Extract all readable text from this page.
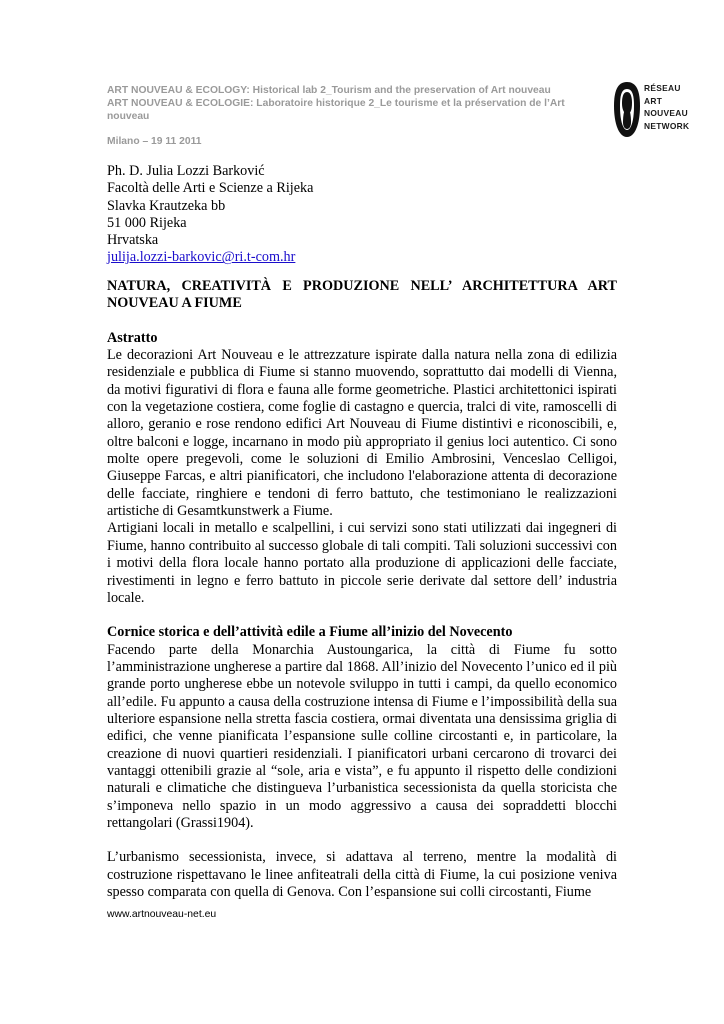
ART NOUVEAU & ECOLOGY: Historical lab 2_Tourism and the preservation of Art nouveau
ART NOUVEAU & ECOLOGIE: Laboratoire historique 2_Le tourisme et la préservation de l’Art nouveau
Milano – 19 11 2011
RÉSEAU
ART
NOUVEAU
NETWORK
Ph. D. Julia Lozzi Barković
Facoltà delle Arti e Scienze a Rijeka
Slavka Krautzeka bb
51 000 Rijeka
Hrvatska
julija.lozzi-barkovic@ri.t-com.hr
NATURA, CREATIVITÀ E PRODUZIONE NELL’ ARCHITETTURA ART NOUVEAU A FIUME
Astratto
Le decorazioni Art Nouveau e le attrezzature ispirate dalla natura nella zona di edilizia residenziale e pubblica di Fiume si stanno muovendo, soprattutto dai modelli di Vienna, da motivi figurativi di flora e fauna alle forme geometriche. Plastici architettonici ispirati con la vegetazione costiera, come foglie di castagno e quercia, tralci di vite, ramoscelli di alloro, geranio e rose rendono edifici Art Nouveau di Fiume distintivi e riconoscibili, e, oltre balconi e logge, incarnano in modo più appropriato il genius loci autentico. Ci sono molte opere pregevoli, come le soluzioni di Emilio Ambrosini, Venceslao Celligoi, Giuseppe Farcas, e altri pianificatori, che includono l'elaborazione attenta di decorazione delle facciate, ringhiere e tendoni di ferro battuto, che testimoniano le realizzazioni artistiche di Gesamtkunstwerk a Fiume.
Artigiani locali in metallo e scalpellini, i cui servizi sono stati utilizzati dai ingegneri di Fiume, hanno contribuito al successo globale di tali compiti. Tali soluzioni successivi con i motivi della flora locale hanno portato alla produzione di applicazioni delle facciate, rivestimenti in legno e ferro battuto in piccole serie derivate dal settore dell’ industria locale.
Cornice storica e dell’attività edile a Fiume all’inizio del Novecento
Facendo parte della Monarchia Austoungarica, la città di Fiume fu sotto l’amministrazione ungherese a partire dal 1868. All’inizio del Novecento l’unico ed il più grande porto ungherese ebbe un notevole sviluppo in tutti i campi, da quello economico all’edile. Fu appunto a causa della costruzione intensa di Fiume e l’impossibilità della sua ulteriore espansione nella stretta fascia costiera, ormai diventata una densissima griglia di edifici, che venne pianificata l’espansione sulle colline circostanti e, in particolare, la creazione di nuovi quartieri residenziali. I pianificatori urbani cercarono di trovarci dei vantaggi ottenibili grazie al “sole, aria e vista”, e fu appunto il rispetto delle condizioni naturali e climatiche che distingueva l’urbanistica secessionista da quella storicista che s’imponeva nello spazio in un modo aggressivo a causa dei sopraddetti blocchi rettangolari (Grassi1904).
L’urbanismo secessionista, invece, si adattava al terreno, mentre la modalità di costruzione rispettavano le linee anfiteatrali della città di Fiume, la cui posizione veniva spesso comparata con quella di Genova. Con l’espansione sui colli circostanti, Fiume
www.artnouveau-net.eu
